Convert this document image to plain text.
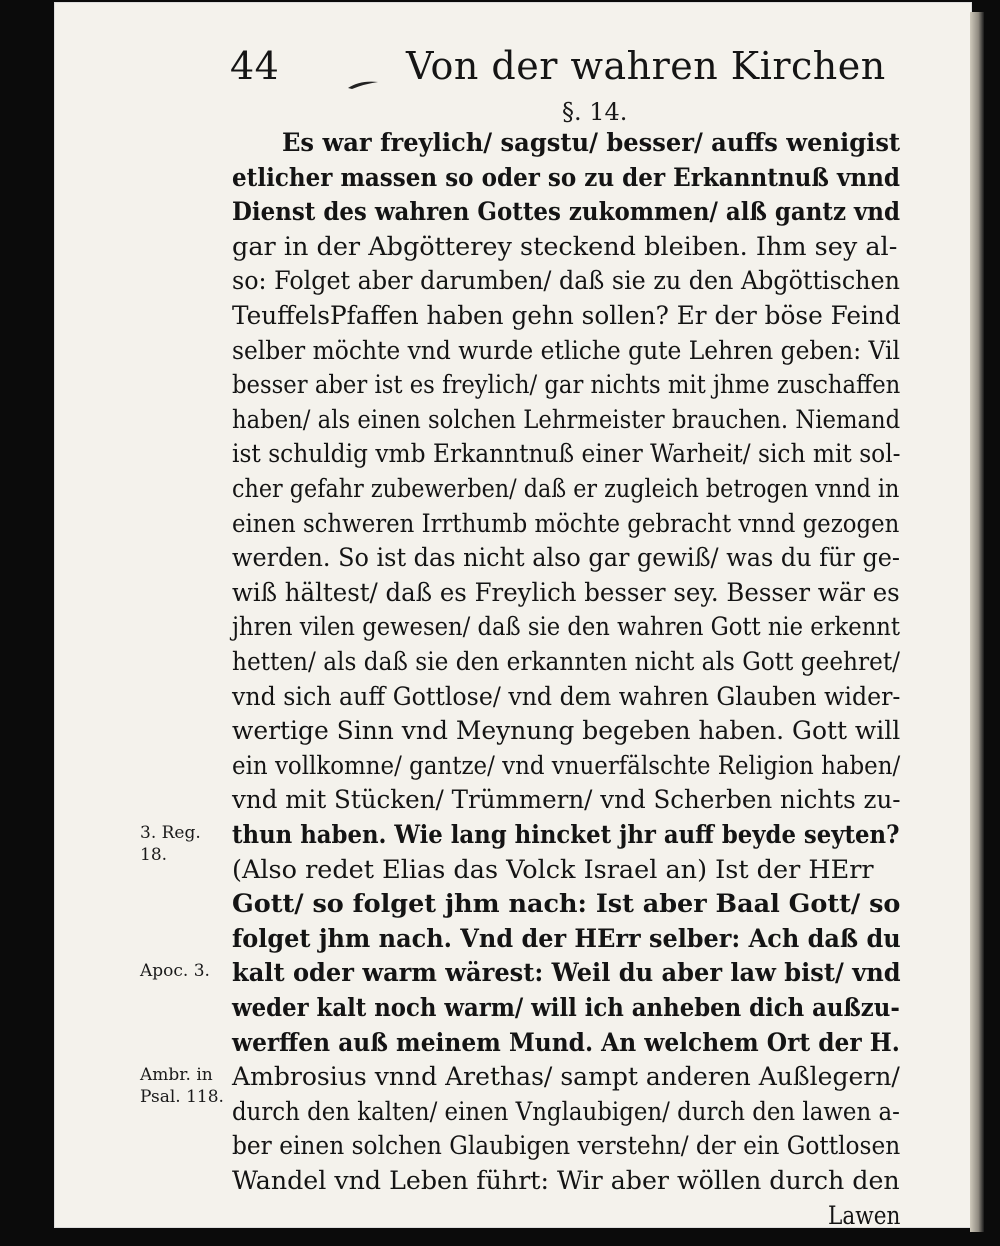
44	Von der wahren Kirchen
§. 14.
Es war freylich/ sagstu/ besser/ auffs wenigist
etlicher massen so oder so zu der Erkanntnuß vnnd
Dienst des wahren Gottes zukommen/ alß gantz vnd
gar in der Abgötterey steckend bleiben. Ihm sey al-
so: Folget aber darumben/ daß sie zu den Abgöttischen
TeuffelsPfaffen haben gehn sollen? Er der böse Feind
selber möchte vnd wurde etliche gute Lehren geben: Vil
besser aber ist es freylich/ gar nichts mit jhme zuschaffen
haben/ als einen solchen Lehrmeister brauchen. Niemand
ist schuldig vmb Erkanntnuß einer Warheit/ sich mit sol-
cher gefahr zubewerben/ daß er zugleich betrogen vnnd in
einen schweren Irrthumb möchte gebracht vnnd gezogen
werden. So ist das nicht also gar gewiß/ was du für ge-
wiß hältest/ daß es Freylich besser sey. Besser wär es
jhren vilen gewesen/ daß sie den wahren Gott nie erkennt
hetten/ als daß sie den erkannten nicht als Gott geehret/
vnd sich auff Gottlose/ vnd dem wahren Glauben wider-
wertige Sinn vnd Meynung begeben haben. Gott will
ein vollkomne/ gantze/ vnd vnuerfälschte Religion haben/
vnd mit Stücken/ Trümmern/ vnd Scherben nichts zu-
thun haben. Wie lang hincket jhr auff beyde seyten?
(Also redet Elias das Volck Israel an) Ist der HErr
Gott/ so folget jhm nach: Ist aber Baal Gott/ so
folget jhm nach. Vnd der HErr selber: Ach daß du
kalt oder warm wärest: Weil du aber law bist/ vnd
weder kalt noch warm/ will ich anheben dich außzu-
werffen auß meinem Mund. An welchem Ort der H.
Ambrosius vnnd Arethas/ sampt anderen Außlegern/
durch den kalten/ einen Vnglaubigen/ durch den lawen a-
ber einen solchen Glaubigen verstehn/ der ein Gottlosen
Wandel vnd Leben führt: Wir aber wöllen durch den
Lawen
3. Reg. 18.
Apoc. 3.
Ambr. in Psal. 118.
